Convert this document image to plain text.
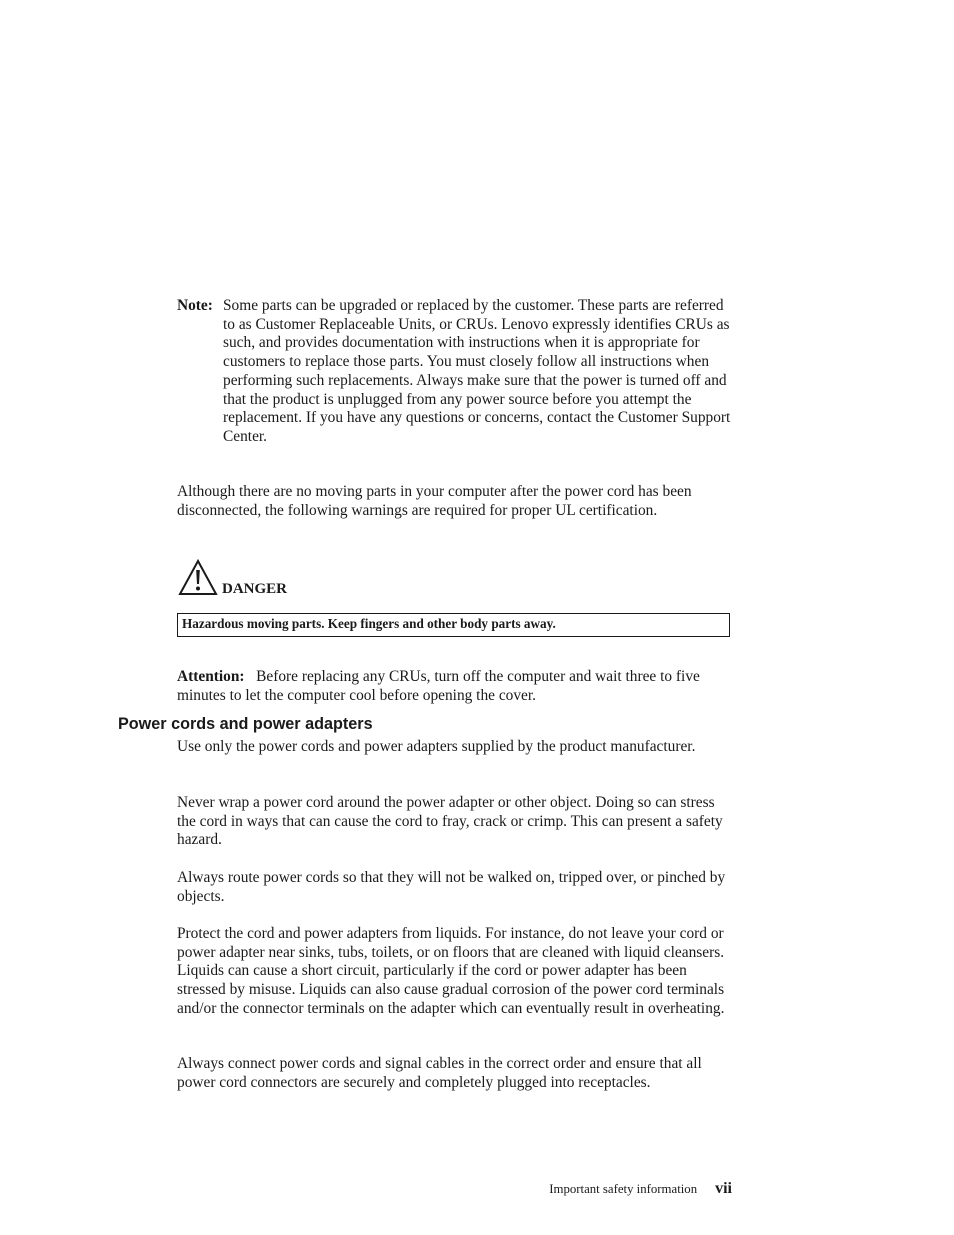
Note: Some parts can be upgraded or replaced by the customer. These parts are referred to as Customer Replaceable Units, or CRUs. Lenovo expressly identifies CRUs as such, and provides documentation with instructions when it is appropriate for customers to replace those parts. You must closely follow all instructions when performing such replacements. Always make sure that the power is turned off and that the product is unplugged from any power source before you attempt the replacement. If you have any questions or concerns, contact the Customer Support Center.
Although there are no moving parts in your computer after the power cord has been disconnected, the following warnings are required for proper UL certification.
DANGER
Hazardous moving parts. Keep fingers and other body parts away.
Attention: Before replacing any CRUs, turn off the computer and wait three to five minutes to let the computer cool before opening the cover.
Power cords and power adapters
Use only the power cords and power adapters supplied by the product manufacturer.
Never wrap a power cord around the power adapter or other object. Doing so can stress the cord in ways that can cause the cord to fray, crack or crimp. This can present a safety hazard.
Always route power cords so that they will not be walked on, tripped over, or pinched by objects.
Protect the cord and power adapters from liquids. For instance, do not leave your cord or power adapter near sinks, tubs, toilets, or on floors that are cleaned with liquid cleansers. Liquids can cause a short circuit, particularly if the cord or power adapter has been stressed by misuse. Liquids can also cause gradual corrosion of the power cord terminals and/or the connector terminals on the adapter which can eventually result in overheating.
Always connect power cords and signal cables in the correct order and ensure that all power cord connectors are securely and completely plugged into receptacles.
Important safety information vii
